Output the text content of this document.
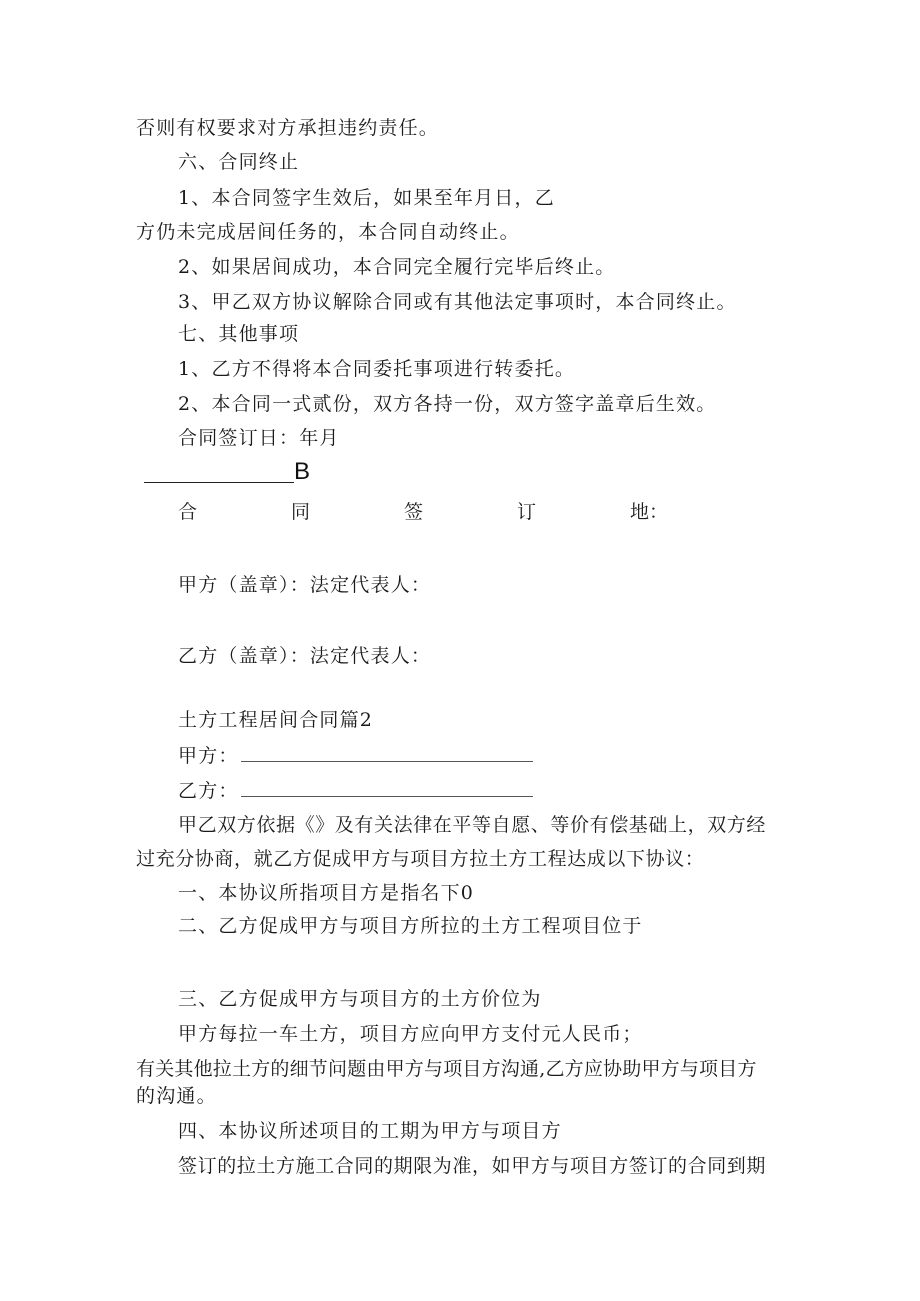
否则有权要求对方承担违约责任。
六、合同终止
1、本合同签字生效后，如果至年月日，乙
方仍未完成居间任务的，本合同自动终止。
2、如果居间成功，本合同完全履行完毕后终止。
3、甲乙双方协议解除合同或有其他法定事项时，本合同终止。
七、其他事项
1、乙方不得将本合同委托事项进行转委托。
2、本合同一式贰份，双方各持一份，双方签字盖章后生效。
合同签订日：年月
B
合	同	签	订	地：
甲方（盖章）：法定代表人：
乙方（盖章）：法定代表人：
土方工程居间合同篇2
甲方：
乙方：
甲乙双方依据《》及有关法律在平等自愿、等价有偿基础上，双方经
过充分协商，就乙方促成甲方与项目方拉土方工程达成以下协议：
一、本协议所指项目方是指名下0
二、乙方促成甲方与项目方所拉的土方工程项目位于
三、乙方促成甲方与项目方的土方价位为
甲方每拉一车土方，项目方应向甲方支付元人民币；
有关其他拉土方的细节问题由甲方与项目方沟通,乙方应协助甲方与项目方
的沟通。
四、本协议所述项目的工期为甲方与项目方
签订的拉土方施工合同的期限为准，如甲方与项目方签订的合同到期
